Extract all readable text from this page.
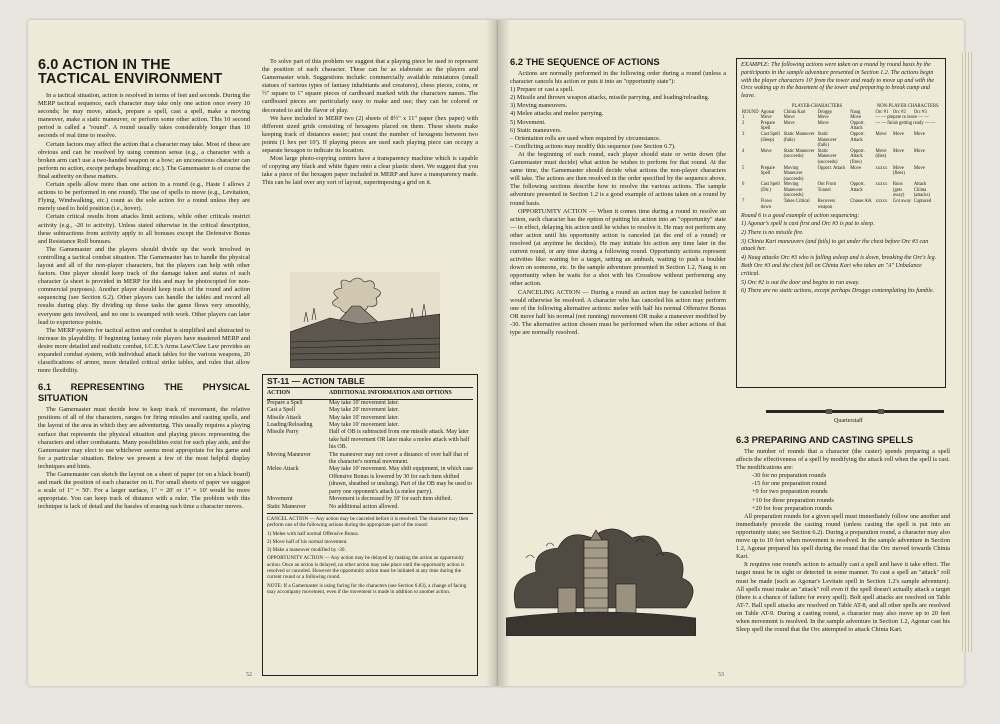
6.0 ACTION IN THE
TACTICAL ENVIRONMENT

In a tactical situation, action is resolved in terms of feet and seconds. During the MERP tactical sequence, each character may take only one action once every 10 seconds; he may move, attack, prepare a spell, cast a spell, make a moving maneuver, make a static maneuver, or perform some other action. This 10 second period is called a "round". A round usually takes considerably longer than 10 seconds of real time to resolve.

Certain factors may affect the action that a character may take. Most of these are obvious and can be resolved by using common sense (e.g., a character with a broken arm can't use a two-handed weapon or a bow; an unconscious character can perform no action, except perhaps breathing; etc.). The Gamemaster is of course the final authority on these matters.

Certain spells allow more than one action in a round (e.g., Haste I allows 2 actions to be performed in one round). The use of spells to move (e.g., Levitation, Flying, Windwalking, etc.) count as the sole action for a round unless they are merely used to hold position (i.e., hover).

Certain critical results from attacks limit actions, while other criticals restrict activity (e.g., -20 to activity). Unless stated otherwise in the critical description, these subtractions from activity apply to all bonuses except the Defensive Bonus and Resistance Roll bonuses.

The Gamemaster and the players should divide up the work involved in controlling a tactical combat situation. The Gamemaster has to handle the physical layout and all of the non-player characters, but the players can help with other factors. One player should keep track of the damage taken and status of each character (a sheet is provided in MERP for this and may be photocopied for non-commercial purposes). Another player should keep track of the round and action sequencing (see Section 6.2). Other players can handle the tables and record all results during play. By dividing up these tasks the game flows very smoothly, everyone gets involved, and no one is swamped with work. Other players can later lead to experience points.

The MERP system for tactical action and combat is simplified and abstracted to increase its playability. If beginning fantasy role players have mastered MERP and desire more detailed and realistic combat, I.C.E.'s Arms Law/Claw Law provides an expanded combat system, with individual attack tables for the various weapons, 20 classifications of armor, more detailed critical strike tables, and rules that allow more flexibility.

6.1 REPRESENTING THE PHYSICAL SITUATION

The Gamemaster must decide how to keep track of movement, the relative positions of all of the characters, ranges for firing missiles and casting spells, and the layout of the area in which they are adventuring. This usually requires a playing surface that represents the physical situation and playing pieces representing the characters and other combatants. Many possibilities exist for such play aids, and the Gamemaster may elect to use whichever seems most appropriate for his game and for a particular situation. Below we present a few of the most helpful display techniques and hints.

The Gamemaster can sketch the layout on a sheet of paper (or on a black board) and mark the position of each character on it. For small sheets of paper we suggest a scale of 1" = 50'. For a larger surface, 1" = 20' or 1" = 10' would be more appropriate. You can keep track of distance with a ruler. The problem with this technique is lack of detail and the hassles of erasing each time a character moves.

To solve part of this problem we suggest that a playing piece be used to represent the position of each character. These can be as elaborate as the players and Gamemaster wish. Suggestions include: commercially available miniatures (small statues of various types of fantasy inhabitants and creatures), chess pieces, coins, or ½" square to 1" square pieces of cardboard marked with the characters names. The cardboard pieces are particularly easy to make and use; they can be colored or decorated to aid the flavor of play.

We have included in MERP two (2) sheets of 8½" x 11" paper (hex paper) with different sized grids consisting of hexagons placed on them. These sheets make keeping track of distances easier; just count the number of hexagons between two points (1 hex per 10'). If playing pieces are used each playing piece can occupy a separate hexagon to indicate its location.

Most large photo-copying centers have a transparency machine which is capable of copying any black and white figure onto a clear plastic sheet. We suggest that you take a piece of the hexagon paper included in MERP and have a transparency made. This can be laid over any sort of layout, superimposing a grid on it.

ST-11 — ACTION TABLE
ACTION	ADDITIONAL INFORMATION AND OPTIONS
Prepare a Spell	May take 10' movement later.
Cast a Spell	May take 20' movement later.
Missile Attack	May take 10' movement later.
Loading/Reloading	May take 10' movement later.
Missile Parry	Half of OB is subtracted from one missile attack. May later take half movement OR later make a melee attack with half his OB.
Moving Maneuver	The maneuver may not cover a distance of over half that of the character's normal movement.
Melee Attack	May take 10' movement. May shift equipment, in which case Offensive Bonus is lowered by 30 for each item shifted (drawn, sheathed or unslung). Part of the OB may be used to parry one opponent's attack (a melee parry).
Movement	Movement is decreased by 10' for each item shifted.
Static Maneuver	No additional action allowed.
CANCEL ACTION — Any action may be canceled before it is resolved. The character may then perform one of the following actions during the appropriate part of the round:
1) Melee with half normal Offensive Bonus.
2) Move half of his normal movement.
3) Make a maneuver modified by -30.
OPPORTUNITY ACTION — Any action may be delayed by making the action an opportunity action. Once an action is delayed, no other action may take place until the opportunity action is resolved or canceled. However the opportunity action must be initiated at any time during the current round or a following round.
NOTE: If a Gamemaster is using facing for the characters (see Section 6.83), a change of facing may accompany movement, even if the movement is made in addition to another action.
52
6.2 THE SEQUENCE OF ACTIONS

Actions are normally performed in the following order during a round (unless a character cancels his action or puts it into an "opportunity state"):

1) Prepare or cast a spell.
2) Missile and thrown weapon attacks, missile parrying, and loading/reloading.
3) Moving maneuvers.
4) Melee attacks and melee parrying.
5) Movement.
6) Static maneuvers.
– Orientation rolls are used when required by circumstance.
– Conflicting actions may modify this sequence (see Section 6.7).

At the beginning of each round, each player should state or write down (the Gamemaster must decide) what action he wishes to perform for that round. At the same time, the Gamemaster should decide what actions the non-player characters will take. The actions are then resolved in the order specified by the sequence above. The following sections describe how to resolve the various actions. The sample adventure presented in Section 1.2 is a good example of actions taken on a round by round basis.

OPPORTUNITY ACTION — When it comes time during a round to resolve an action, each character has the option of putting his action into an "opportunity" state — in effect, delaying his action until he wishes to resolve it. He may not perform any other action until his opportunity action is canceled (at the end of a round) or resolved (at anytime he decides). He may initiate his action any time later in the current round, or any time during a following round. Opportunity actions represent activities like: waiting for a target, setting an ambush, waiting to push a boulder down on someone, etc. In the sample adventure presented in Section 1.2, Naug is on opportunity when he waits for a shot with his Crossbow without performing any other action.

CANCELING ACTION — During a round an action may be canceled before it would otherwise be resolved. A character who has canceled his action may perform one of the following alternative actions: melee with half his normal Offensive Bonus OR move half his normal (not running) movement OR make a maneuver modified by -30. The alternative action chosen must be performed when the other actions of that type are normally resolved.

EXAMPLE: The following actions were taken on a round by round basis by the participants in the sample adventure presented in Section 1.2. The actions begin with the player characters 10' from the tower and ready to move up and with the Orcs waking up in the basement of the tower and preparing to break camp and leave.
	PLAYER-CHARACTERS				NON-PLAYER CHARACTERS		
ROUND	Agonar	Chinta Kari	Droggo	Naug	Orc #1	Orc #2	Orc #3
1	Move	Move	Move	Move	— — prepare to leave — —		
2	Prepare Spell	Move	Move	Opport. Attack	— — finish getting ready — —		
3	Cast Spell (Sleep)	Static Maneuver (fails)	Static Maneuver (fails)	Opport. Attack	Move	Move	Move
4	Move	Static Maneuver (succeeds)	Static Maneuver (succeeds)	Opport. Attack (fires)	Move (dies)	Move	Move
5	Prepare Spell	Moving Maneuver (succeeds)	Opport. Attack	Move	xxxxx	Move (flees)	Move
6	Cast Spell (Dir.)	Moving Maneuver (succeeds)	Out From Tunnel	Opport. Attack	xxxxx	Runs (gets away)	Attack Chinta (attacks)
7	Flows down	Takes Critical	Recovers weapon	Chases Ark	xxxxx	Got away	Captured
Round 6 is a good example of action sequencing:
1) Agonar's spell is cast first and Orc #3 is put to sleep.
2) There is no missile fire.
3) Chinta Kari maneuvers (and fails) to get under the chest before Orc #3 can attack her.
4) Naug attacks Orc #3 who is falling asleep and is down, breaking the Orc's leg. Both Orc #3 and the chest fall on Chinta Kari who takes an "A" Unbalance critical.
5) Orc #2 is out the door and begins to run away.
6) There are no static actions, except perhaps Droggo contemplating his fumble.
Quarterstaff
6.3 PREPARING AND CASTING SPELLS

The number of rounds that a character (the caster) spends preparing a spell affects the effectiveness of a spell by modifying the attack roll when the spell is cast. The modifications are:

-30 for no preparation rounds
-15 for one preparation round
+0 for two preparation rounds
+10 for three preparation rounds
+20 for four preparation rounds

All preparation rounds for a given spell must immediately follow one another and immediately precede the casting round (unless casting the spell is put into an opportunity state; see Section 6.2). During a preparation round, a character may also move up to 10 feet when movement is resolved. In the sample adventure in Section 1.2, Agonar prepared his spell during the round that the Orc moved towards Chinta Kari.

It requires one round's action to actually cast a spell and have it take effect. The target must be in sight or detected in some manner. To cast a spell an "attack" roll must be made (such as Agonar's Levitate spell in Section 1.2's sample adventure). All spells must make an "attack" roll even if the spell doesn't actually attack a target (there is a chance of failure for every spell). Bolt spell attacks are resolved on Table AT-7. Ball spell attacks are resolved on Table AT-8, and all other spells are resolved on Table AT-9. During a casting round, a character may also move up to 20 feet when movement is resolved. In the sample adventure in Section 1.2, Agonar cast his Sleep spell the round that the Orc attempted to attack Chinta Kari.

53
